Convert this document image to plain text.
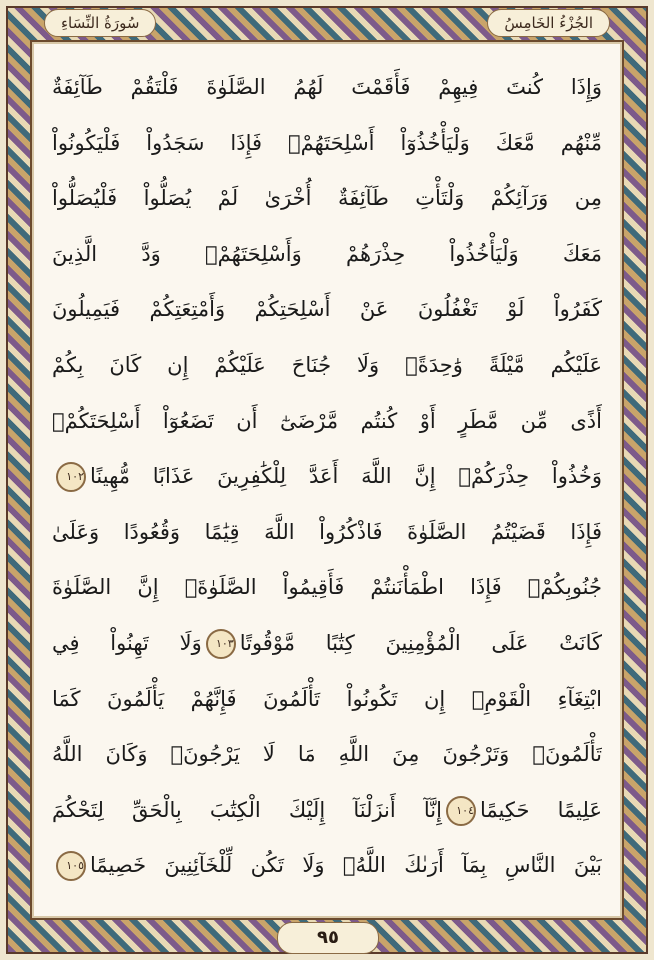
سُورَةُ النِّسَاءِ	الجُزْءُ الخَامِسُ
وَإِذَا كُنتَ فِيهِمْ فَأَقَمْتَ لَهُمُ الصَّلَوٰةَ فَلْتَقُمْ طَآئِفَةٌ
مِّنْهُم مَّعَكَ وَلْيَأْخُذُوٓاْ أَسْلِحَتَهُمْۖ فَإِذَا سَجَدُواْ فَلْيَكُونُواْ
مِن وَرَآئِكُمْ وَلْتَأْتِ طَآئِفَةٌ أُخْرَىٰ لَمْ يُصَلُّواْ فَلْيُصَلُّواْ
مَعَكَ وَلْيَأْخُذُواْ حِذْرَهُمْ وَأَسْلِحَتَهُمْۗ وَدَّ الَّذِينَ
كَفَرُواْ لَوْ تَغْفُلُونَ عَنْ أَسْلِحَتِكُمْ وَأَمْتِعَتِكُمْ فَيَمِيلُونَ
عَلَيْكُم مَّيْلَةً وَٰحِدَةًۚ وَلَا جُنَاحَ عَلَيْكُمْ إِن كَانَ بِكُمْ
أَذًى مِّن مَّطَرٍ أَوْ كُنتُم مَّرْضَىٰٓ أَن تَضَعُوٓاْ أَسْلِحَتَكُمْۖ
وَخُذُواْ حِذْرَكُمْۗ إِنَّ اللَّهَ أَعَدَّ لِلْكَٰفِرِينَ عَذَابًا مُّهِينًا١٠٢
فَإِذَا قَضَيْتُمُ الصَّلَوٰةَ فَاذْكُرُواْ اللَّهَ قِيَٰمًا وَقُعُودًا وَعَلَىٰ
جُنُوبِكُمْۚ فَإِذَا اطْمَأْنَنتُمْ فَأَقِيمُواْ الصَّلَوٰةَۚ إِنَّ الصَّلَوٰةَ
كَانَتْ عَلَى الْمُؤْمِنِينَ كِتَٰبًا مَّوْقُوتًا١٠٣وَلَا تَهِنُواْ فِي
ابْتِغَآءِ الْقَوْمِۖ إِن تَكُونُواْ تَأْلَمُونَ فَإِنَّهُمْ يَأْلَمُونَ كَمَا
تَأْلَمُونَۖ وَتَرْجُونَ مِنَ اللَّهِ مَا لَا يَرْجُونَۗ وَكَانَ اللَّهُ
عَلِيمًا حَكِيمًا١٠٤إِنَّآ أَنزَلْنَآ إِلَيْكَ الْكِتَٰبَ بِالْحَقِّ لِتَحْكُمَ
بَيْنَ النَّاسِ بِمَآ أَرَىٰكَ اللَّهُۚ وَلَا تَكُن لِّلْخَآئِنِينَ خَصِيمًا١٠٥
٩٥
